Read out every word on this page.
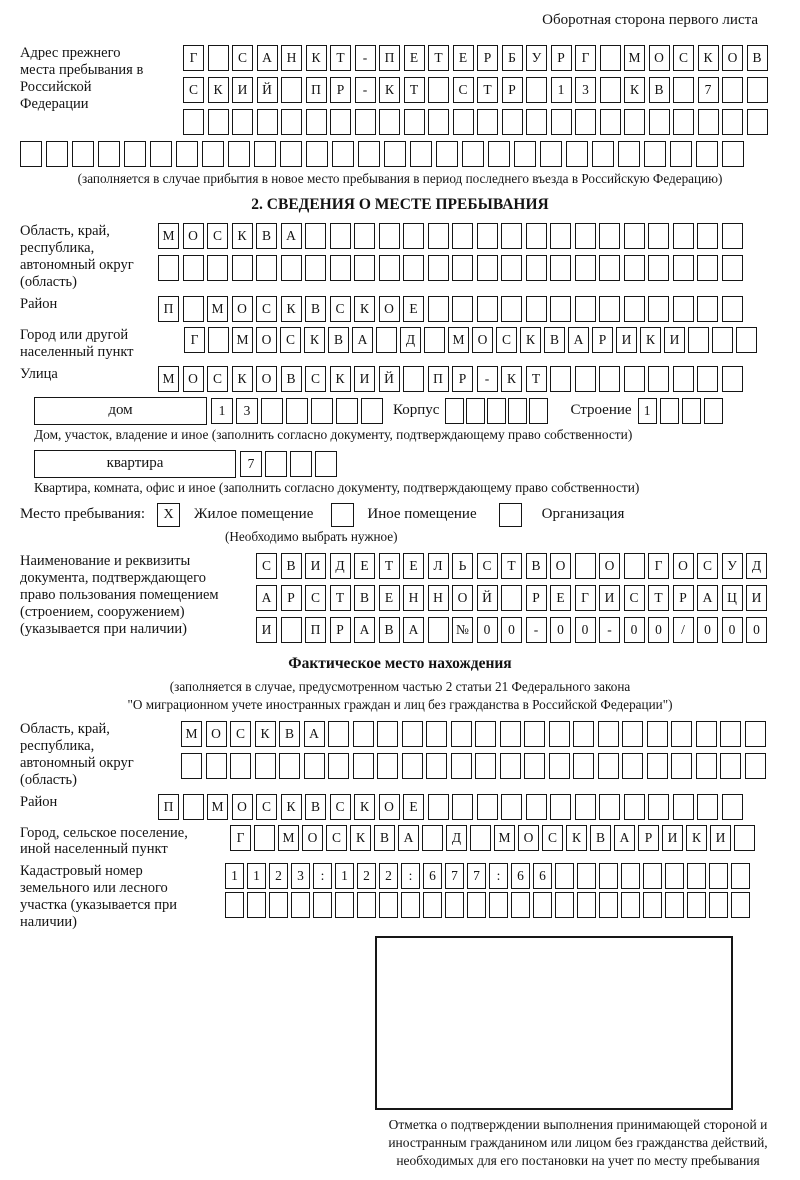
Оборотная сторона первого листа
Адрес прежнего места пребывания в Российской Федерации
Г	С	А	Н	К	Т	-	П	Е	Т	Е	Р	Б	У	Р	Г	М	О	С	К	О	В
С	К	И	Й	П	Р	-	К	Т	С	Т	Р	1	3	К	В	7
(заполняется в случае прибытия в новое место пребывания в период последнего въезда в Российскую Федерацию)
2. СВЕДЕНИЯ О МЕСТЕ ПРЕБЫВАНИЯ
Область, край, республика, автономный округ (область)
М	О	С	К	В	А
Район	П	М	О	С	К	В	С	К	О	Е
Город или другой населенный пункт
Г	М О	С	К	В	А	Д	М О	С	К	В	А	Р	И	К	И
Улица	М	О	С	К	О	В	С	К	И	Й	П	Р	-	К	Т
дом	1	3	Корпус	Строение 1
Дом, участок, владение и иное (заполнить согласно документу, подтверждающему право собственности)
квартира	7
Квартира, комната, офис и иное (заполнить согласно документу, подтверждающему право собственности)
Место пребывания:	X	Жилое помещение	Иное помещение	Организация
(Необходимо выбрать нужное)
Наименование и реквизиты документа, подтверждающего право пользования помещением (строением, сооружением) (указывается при наличии)
С	В	И	Д	Е	Т	Е	Л	Ь	С	Т	В	О	О	Г	О	С	У	Д
А	Р	С	Т	В	Е	Н	Н	О	Й	Р	Е	Г	И	С	Т	Р	А	Ц	И
И	П	Р	А	В	А	№	0	0	-	0	0	-	0	0	/	0	0	0
Фактическое место нахождения
(заполняется в случае, предусмотренном частью 2 статьи 21 Федерального закона
"О миграционном учете иностранных граждан и лиц без гражданства в Российской Федерации")
Область, край, республика, автономный округ (область)
М	О	С	К	В	А
Район	П	М	О	С	К	В	С	К	О	Е
Город, сельское поселение, иной населенный пункт
Г	М О	С	К	В	А	Д	М О	С	К	В	А	Р	И	К	И
Кадастровый номер земельного или лесного участка (указывается при наличии)
1	1	2	3	:	1	2	2	:	6	7	7	:	6	6
Отметка о подтверждении выполнения принимающей стороной и иностранным гражданином или лицом без гражданства действий, необходимых для его постановки на учет по месту пребывания
